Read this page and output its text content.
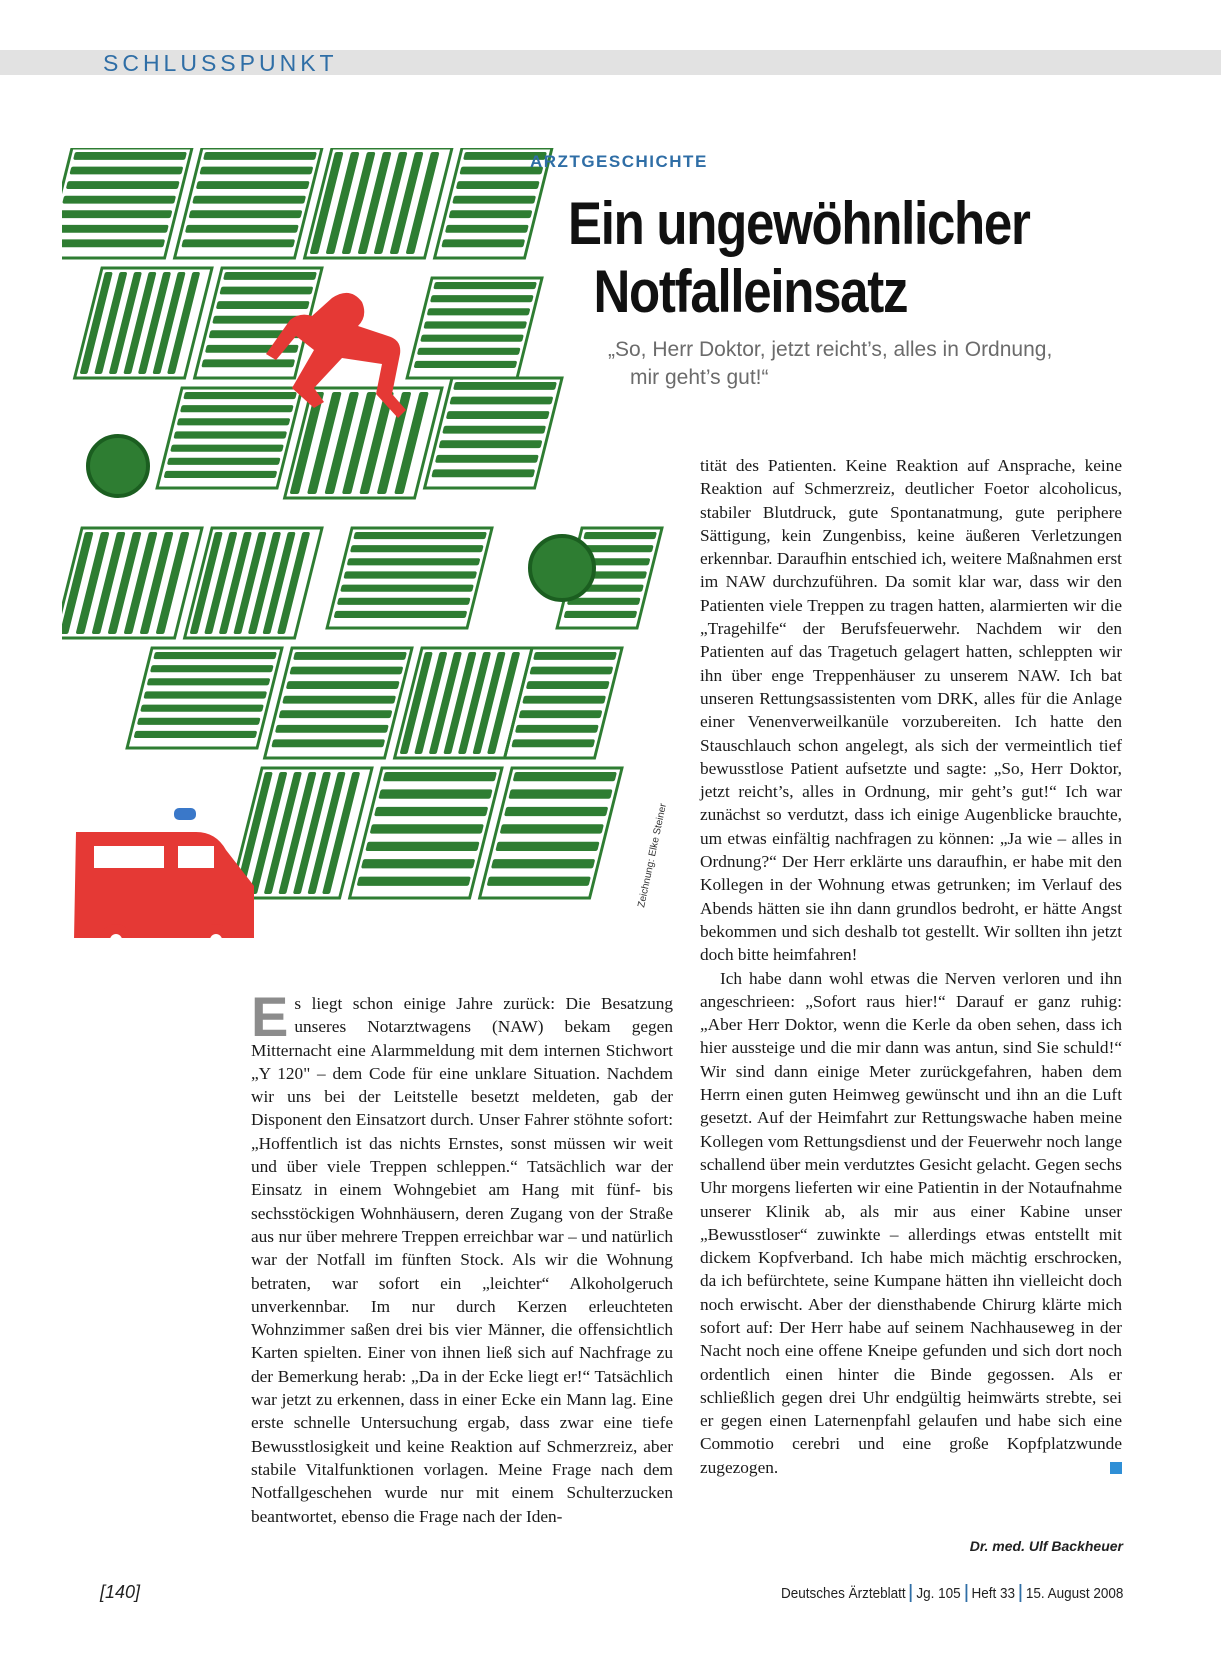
SCHLUSSPUNKT
Zeichnung: Elke Steiner
ARZTGESCHICHTE
Ein ungewöhnlicher
Notfalleinsatz

„So, Herr Doktor, jetzt reicht’s, alles in Ordnung,
mir geht’s gut!“

Es liegt schon einige Jahre zurück: Die Besatzung unseres Notarztwagens (NAW) bekam gegen Mitternacht eine Alarmmeldung mit dem internen Stichwort „Y 120" – dem Code für eine unklare Situation. Nachdem wir uns bei der Leitstelle besetzt meldeten, gab der Disponent den Einsatzort durch. Unser Fahrer stöhnte sofort: „Hoffentlich ist das nichts Ernstes, sonst müssen wir weit und über viele Treppen schleppen.“ Tatsächlich war der Einsatz in einem Wohngebiet am Hang mit fünf- bis sechsstöckigen Wohnhäusern, deren Zugang von der Straße aus nur über mehrere Treppen erreichbar war – und natürlich war der Notfall im fünften Stock. Als wir die Wohnung betraten, war sofort ein „leichter“ Alkoholgeruch unverkennbar. Im nur durch Kerzen erleuchteten Wohnzimmer saßen drei bis vier Männer, die offensichtlich Karten spielten. Einer von ihnen ließ sich auf Nachfrage zu der Bemerkung herab: „Da in der Ecke liegt er!“ Tatsächlich war jetzt zu erkennen, dass in einer Ecke ein Mann lag. Eine erste schnelle Untersuchung ergab, dass zwar eine tiefe Bewusstlosigkeit und keine Reaktion auf Schmerzreiz, aber stabile Vitalfunktionen vorlagen. Meine Frage nach dem Notfallgeschehen wurde nur mit einem Schulterzucken beantwortet, ebenso die Frage nach der Iden-

tität des Patienten. Keine Reaktion auf Ansprache, keine Reaktion auf Schmerzreiz, deutlicher Foetor alcoholicus, stabiler Blutdruck, gute Spontanatmung, gute periphere Sättigung, kein Zungenbiss, keine äußeren Verletzungen erkennbar. Daraufhin entschied ich, weitere Maßnahmen erst im NAW durchzuführen. Da somit klar war, dass wir den Patienten viele Treppen zu tragen hatten, alarmierten wir die „Tragehilfe“ der Berufsfeuerwehr. Nachdem wir den Patienten auf das Tragetuch gelagert hatten, schleppten wir ihn über enge Treppenhäuser zu unserem NAW. Ich bat unseren Rettungsassistenten vom DRK, alles für die Anlage einer Venenverweilkanüle vorzubereiten. Ich hatte den Stauschlauch schon angelegt, als sich der vermeintlich tief bewusstlose Patient aufsetzte und sagte: „So, Herr Doktor, jetzt reicht’s, alles in Ordnung, mir geht’s gut!“ Ich war zunächst so verdutzt, dass ich einige Augenblicke brauchte, um etwas einfältig nachfragen zu können: „Ja wie – alles in Ordnung?“ Der Herr erklärte uns daraufhin, er habe mit den Kollegen in der Wohnung etwas getrunken; im Verlauf des Abends hätten sie ihn dann grundlos bedroht, er hätte Angst bekommen und sich deshalb tot gestellt. Wir sollten ihn jetzt doch bitte heimfahren!

Ich habe dann wohl etwas die Nerven verloren und ihn angeschrieen: „Sofort raus hier!“ Darauf er ganz ruhig: „Aber Herr Doktor, wenn die Kerle da oben sehen, dass ich hier aussteige und die mir dann was antun, sind Sie schuld!“ Wir sind dann einige Meter zurückgefahren, haben dem Herrn einen guten Heimweg gewünscht und ihn an die Luft gesetzt. Auf der Heimfahrt zur Rettungswache haben meine Kollegen vom Rettungsdienst und der Feuerwehr noch lange schallend über mein verdutztes Gesicht gelacht. Gegen sechs Uhr morgens lieferten wir eine Patientin in der Notaufnahme unserer Klinik ab, als mir aus einer Kabine unser „Bewusstloser“ zuwinkte – allerdings etwas entstellt mit dickem Kopfverband. Ich habe mich mächtig erschrocken, da ich befürchtete, seine Kumpane hätten ihn vielleicht doch noch erwischt. Aber der diensthabende Chirurg klärte mich sofort auf: Der Herr habe auf seinem Nachhauseweg in der Nacht noch eine offene Kneipe gefunden und sich dort noch ordentlich einen hinter die Binde gegossen. Als er schließlich gegen drei Uhr endgültig heimwärts strebte, sei er gegen einen Laternenpfahl gelaufen und habe sich eine Commotio cerebri und eine große Kopfplatzwunde zugezogen.

Dr. med. Ulf Backheuer
[140]	Deutsches Ärzteblatt Jg. 105 Heft 33 15. August 2008
